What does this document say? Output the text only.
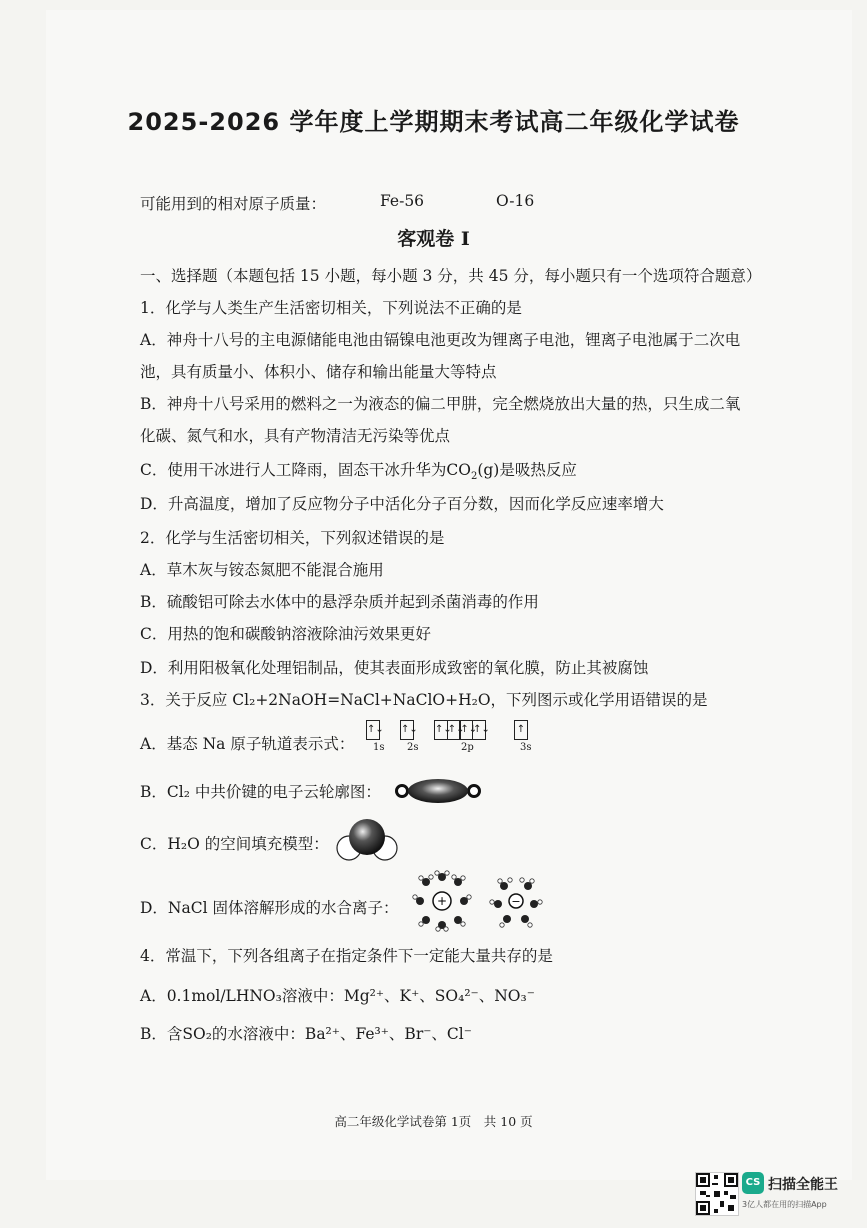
2025-2026 学年度上学期期末考试高二年级化学试卷
可能用到的相对原子质量：	Fe-56	O-16
客观卷 I
一、选择题（本题包括 15 小题，每小题 3 分，共 45 分，每小题只有一个选项符合题意）
1．化学与人类生产生活密切相关，下列说法不正确的是
A．神舟十八号的主电源储能电池由镉镍电池更改为锂离子电池，锂离子电池属于二次电
池，具有质量小、体积小、储存和输出能量大等特点
B．神舟十八号采用的燃料之一为液态的偏二甲肼，完全燃烧放出大量的热，只生成二氧
化碳、氮气和水，具有产物清洁无污染等优点
C．使用干冰进行人工降雨，固态干冰升华为$CO_2(g)$是吸热反应
D．升高温度，增加了反应物分子中活化分子百分数，因而化学反应速率增大
2．化学与生活密切相关，下列叙述错误的是
A．草木灰与铵态氮肥不能混合施用
B．硫酸铝可除去水体中的悬浮杂质并起到杀菌消毒的作用
C．用热的饱和碳酸钠溶液除油污效果更好
D．利用阳极氧化处理铝制品，使其表面形成致密的氧化膜，防止其被腐蚀
3．关于反应 Cl₂+2NaOH=NaCl+NaClO+H₂O，下列图示或化学用语错误的是
A．基态 Na 原子轨道表示式：
↑↓
1s
↑↓
2s
↑↓
↑↓
↑↓
↑↓
2p
↑
3s
B．Cl₂ 中共价键的电子云轮廓图：
C．H₂O 的空间填充模型：
D．NaCl 固体溶解形成的水合离子：	+	−
4．常温下，下列各组离子在指定条件下一定能大量共存的是
A．0.1mol/LHNO₃溶液中：Mg²⁺、K⁺、SO₄²⁻、NO₃⁻
B．含SO₂的水溶液中：Ba²⁺、Fe³⁺、Br⁻、Cl⁻
高二年级化学试卷第 1页　共 10 页
CS 扫描全能王
3亿人都在用的扫描App
